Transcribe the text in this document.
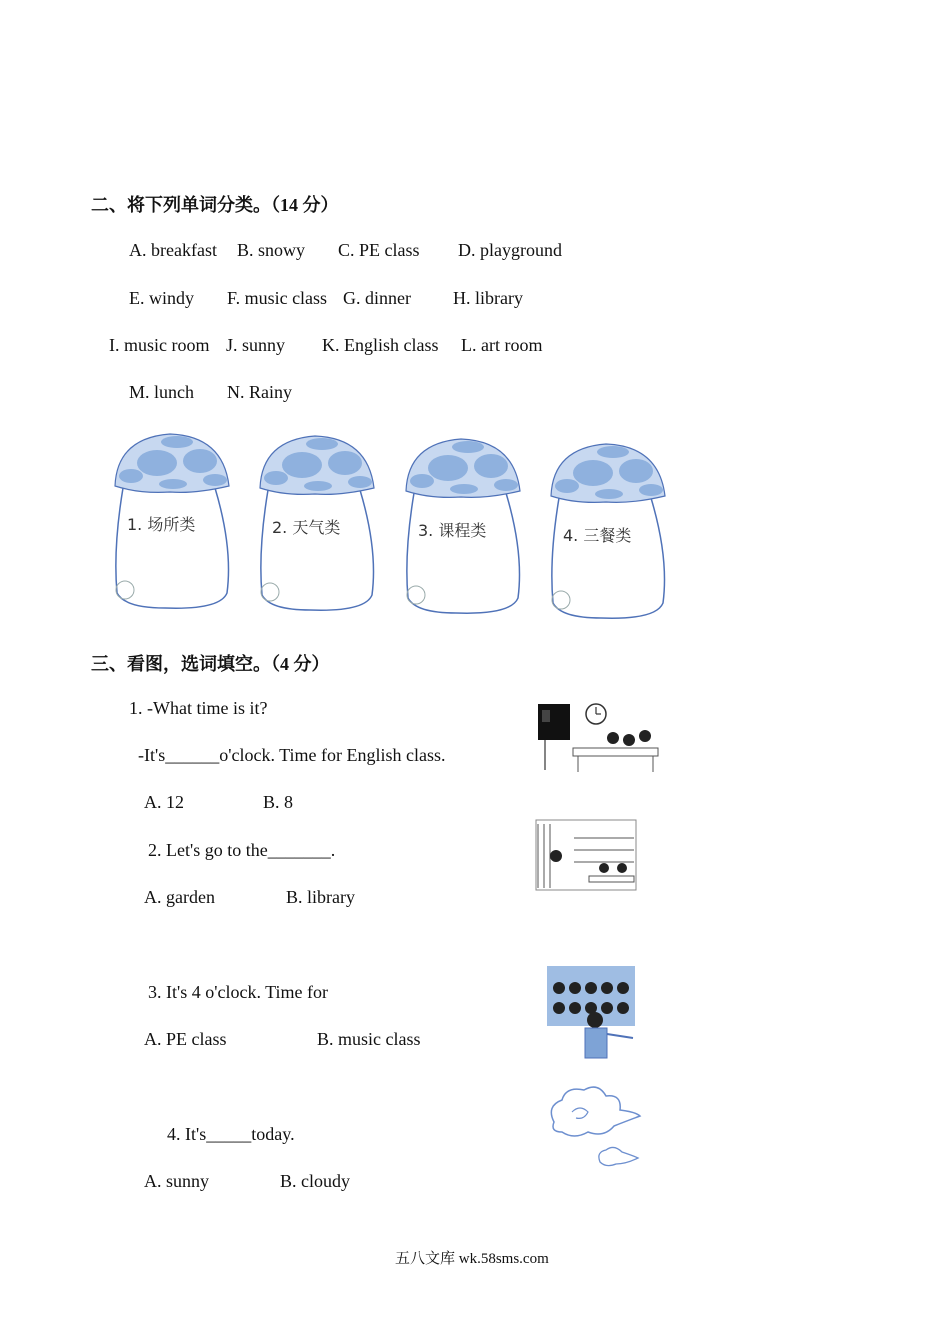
二、将下列单词分类。（14 分）
A. breakfast B. snowy C. PE class D. playground
E. windy F. music class G. dinner H. library
I. music room J. sunny K. English class L. art room
M. lunch N. Rainy
1. 场所类	2. 天气类	3. 课程类	4. 三餐类
三、看图，选词填空。（4 分）
1. -What time is it?
-It's______o'clock. Time for English class.
A. 12	B. 8
2. Let's go to the_______.
A. garden	B. library
3. It's 4 o'clock. Time for
A. PE class	B. music class
4. It's_____today.
A. sunny	B. cloudy
五八文库 wk.58sms.com
